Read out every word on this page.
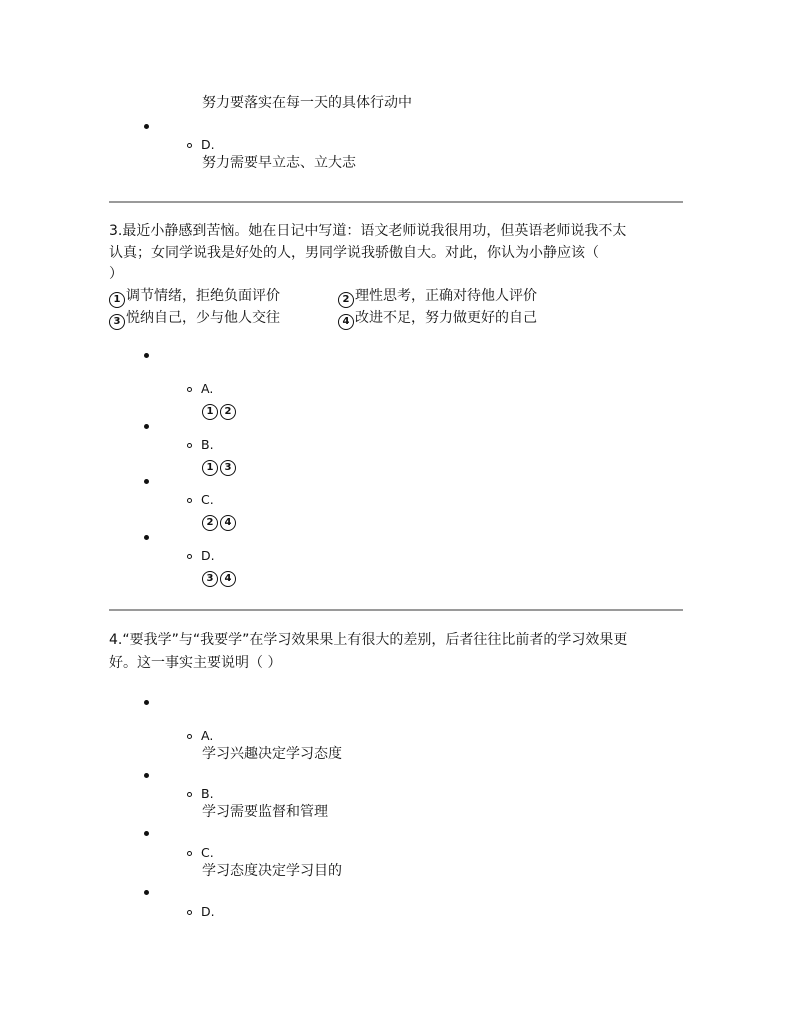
努力要落实在每一天的具体行动中
D.
努力需要早立志、立大志
3.最近小静感到苦恼。她在日记中写道：语文老师说我很用功，但英语老师说我不太
认真；女同学说我是好处的人，男同学说我骄傲自大。对此，你认为小静应该（
）
1 调节情绪，拒绝负面评价	2 理性思考，正确对待他人评价
3 悦纳自己，少与他人交往	4 改进不足，努力做更好的自己
A.
1 2
B.
1 3
C.
2 4
D.
3 4
4.“要我学”与“我要学”在学习效果果上有很大的差别，后者往往比前者的学习效果更
好。这一事实主要说明（ ）
A.
学习兴趣决定学习态度
B.
学习需要监督和管理
C.
学习态度决定学习目的
D.
